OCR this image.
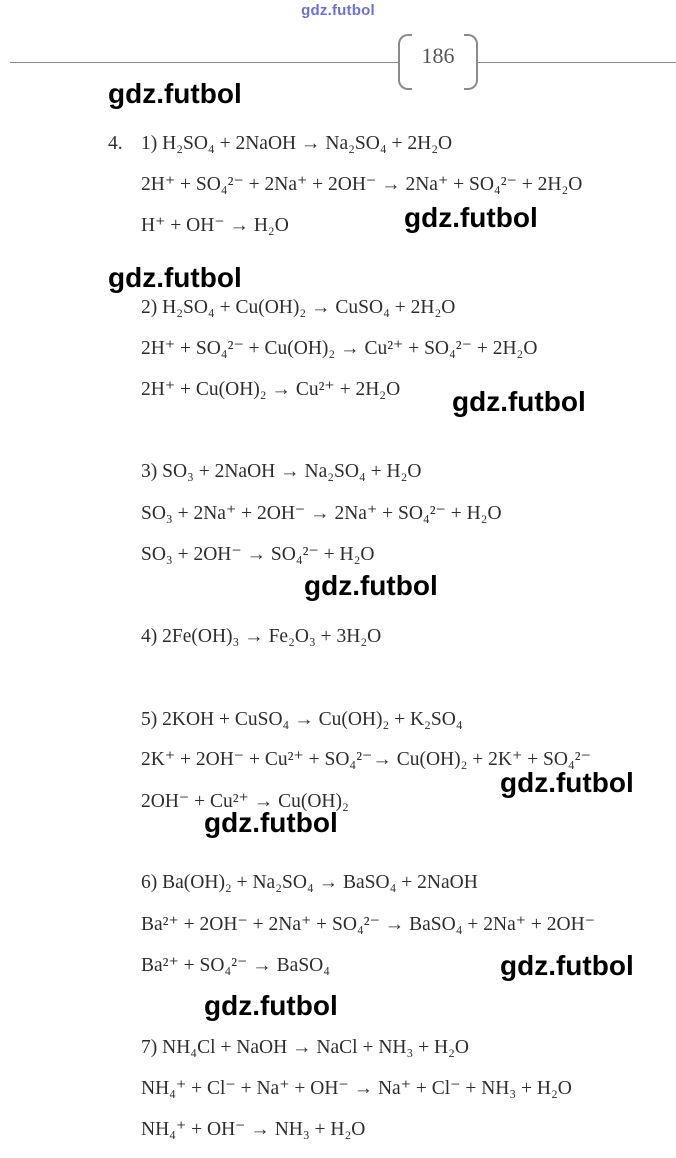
gdz.futbol
186
4. 1) H₂SO₄ + 2NaOH → Na₂SO₄ + 2H₂O
2H⁺ + SO₄²⁻ + 2Na⁺ + 2OH⁻ → 2Na⁺ + SO₄²⁻ + 2H₂O
H⁺ + OH⁻ → H₂O
2) H₂SO₄ + Cu(OH)₂ → CuSO₄ + 2H₂O
2H⁺ + SO₄²⁻ + Cu(OH)₂ → Cu²⁺ + SO₄²⁻ + 2H₂O
2H⁺ + Cu(OH)₂ → Cu²⁺ + 2H₂O
3) SO₃ + 2NaOH → Na₂SO₄ + H₂O
SO₃ + 2Na⁺ + 2OH⁻ → 2Na⁺ + SO₄²⁻ + H₂O
SO₃ + 2OH⁻ → SO₄²⁻ + H₂O
4) 2Fe(OH)₃ → Fe₂O₃ + 3H₂O
5) 2KOH + CuSO₄ → Cu(OH)₂ + K₂SO₄
2K⁺ + 2OH⁻ + Cu²⁺ + SO₄²⁻→ Cu(OH)₂ + 2K⁺ + SO₄²⁻
2OH⁻ + Cu²⁺ → Cu(OH)₂
6) Ba(OH)₂ + Na₂SO₄ → BaSO₄ + 2NaOH
Ba²⁺ + 2OH⁻ + 2Na⁺ + SO₄²⁻ → BaSO₄ + 2Na⁺ + 2OH⁻
Ba²⁺ + SO₄²⁻ → BaSO₄
7) NH₄Cl + NaOH → NaCl + NH₃ + H₂O
NH₄⁺ + Cl⁻ + Na⁺ + OH⁻ → Na⁺ + Cl⁻ + NH₃ + H₂O
NH₄⁺ + OH⁻ → NH₃ + H₂O
gdz.futbol
gdz.futbol
gdz.futbol
gdz.futbol
gdz.futbol
gdz.futbol
gdz.futbol
gdz.futbol
gdz.futbol
